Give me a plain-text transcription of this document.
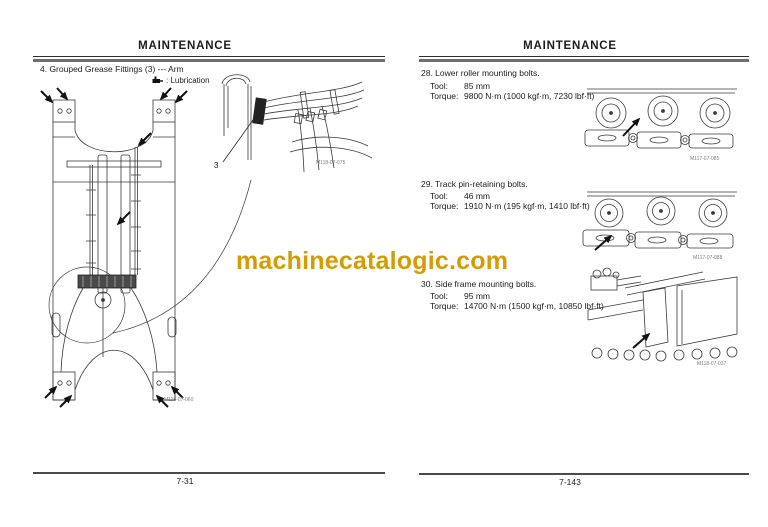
MAINTENANCE
4. Grouped Grease Fittings (3) --- Arm
: Lubrication
3	M118-07-075
M118-07-060
7-31
MAINTENANCE
28. Lower roller mounting bolts.
Tool:	85 mm
Torque: 9800 N·m (1000 kgf·m, 7230 lbf·ft)
M117-07-085
29. Track pin-retaining bolts.
Tool:	46 mm
Torque: 1910 N·m (195 kgf·m, 1410 lbf·ft)
M117-07-088
30. Side frame mounting bolts.
Tool:	95 mm
Torque: 14700 N·m (1500 kgf·m, 10850 lbf·ft)
M118-07-037
7-143
machinecatalogic.com
